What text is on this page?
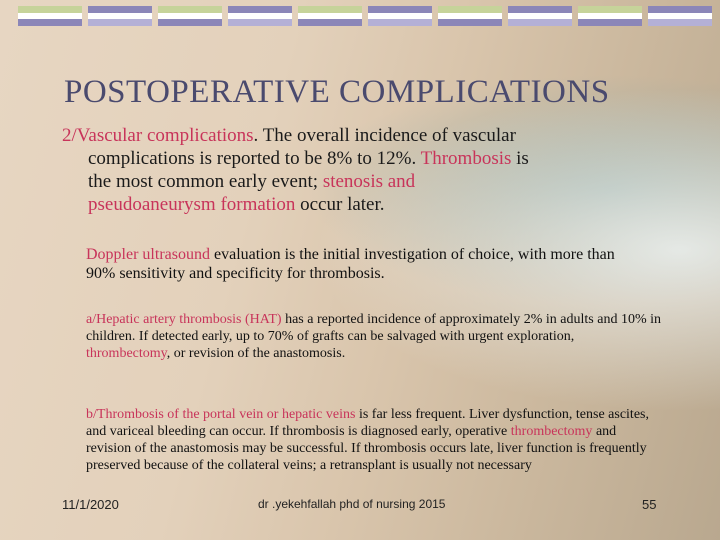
POSTOPERATIVE COMPLICATIONS
2/Vascular complications. The overall incidence of vascular
complications is reported to be 8% to 12%. Thrombosis is
the most common early event; stenosis and
pseudoaneurysm formation occur later.
Doppler ultrasound evaluation is the initial investigation of choice, with more than 90% sensitivity and specificity for thrombosis.
a/Hepatic artery thrombosis (HAT) has a reported incidence of approximately 2% in adults and 10% in children. If detected early, up to 70% of grafts can be salvaged with urgent exploration, thrombectomy, or revision of the anastomosis.
b/Thrombosis of the portal vein or hepatic veins is far less frequent. Liver dysfunction, tense ascites, and variceal bleeding can occur. If thrombosis is diagnosed early, operative thrombectomy and revision of the anastomosis may be successful. If thrombosis occurs late, liver function is frequently preserved because of the collateral veins; a retransplant is usually not necessary
11/1/2020	dr .yekehfallah phd of nursing 2015	55
